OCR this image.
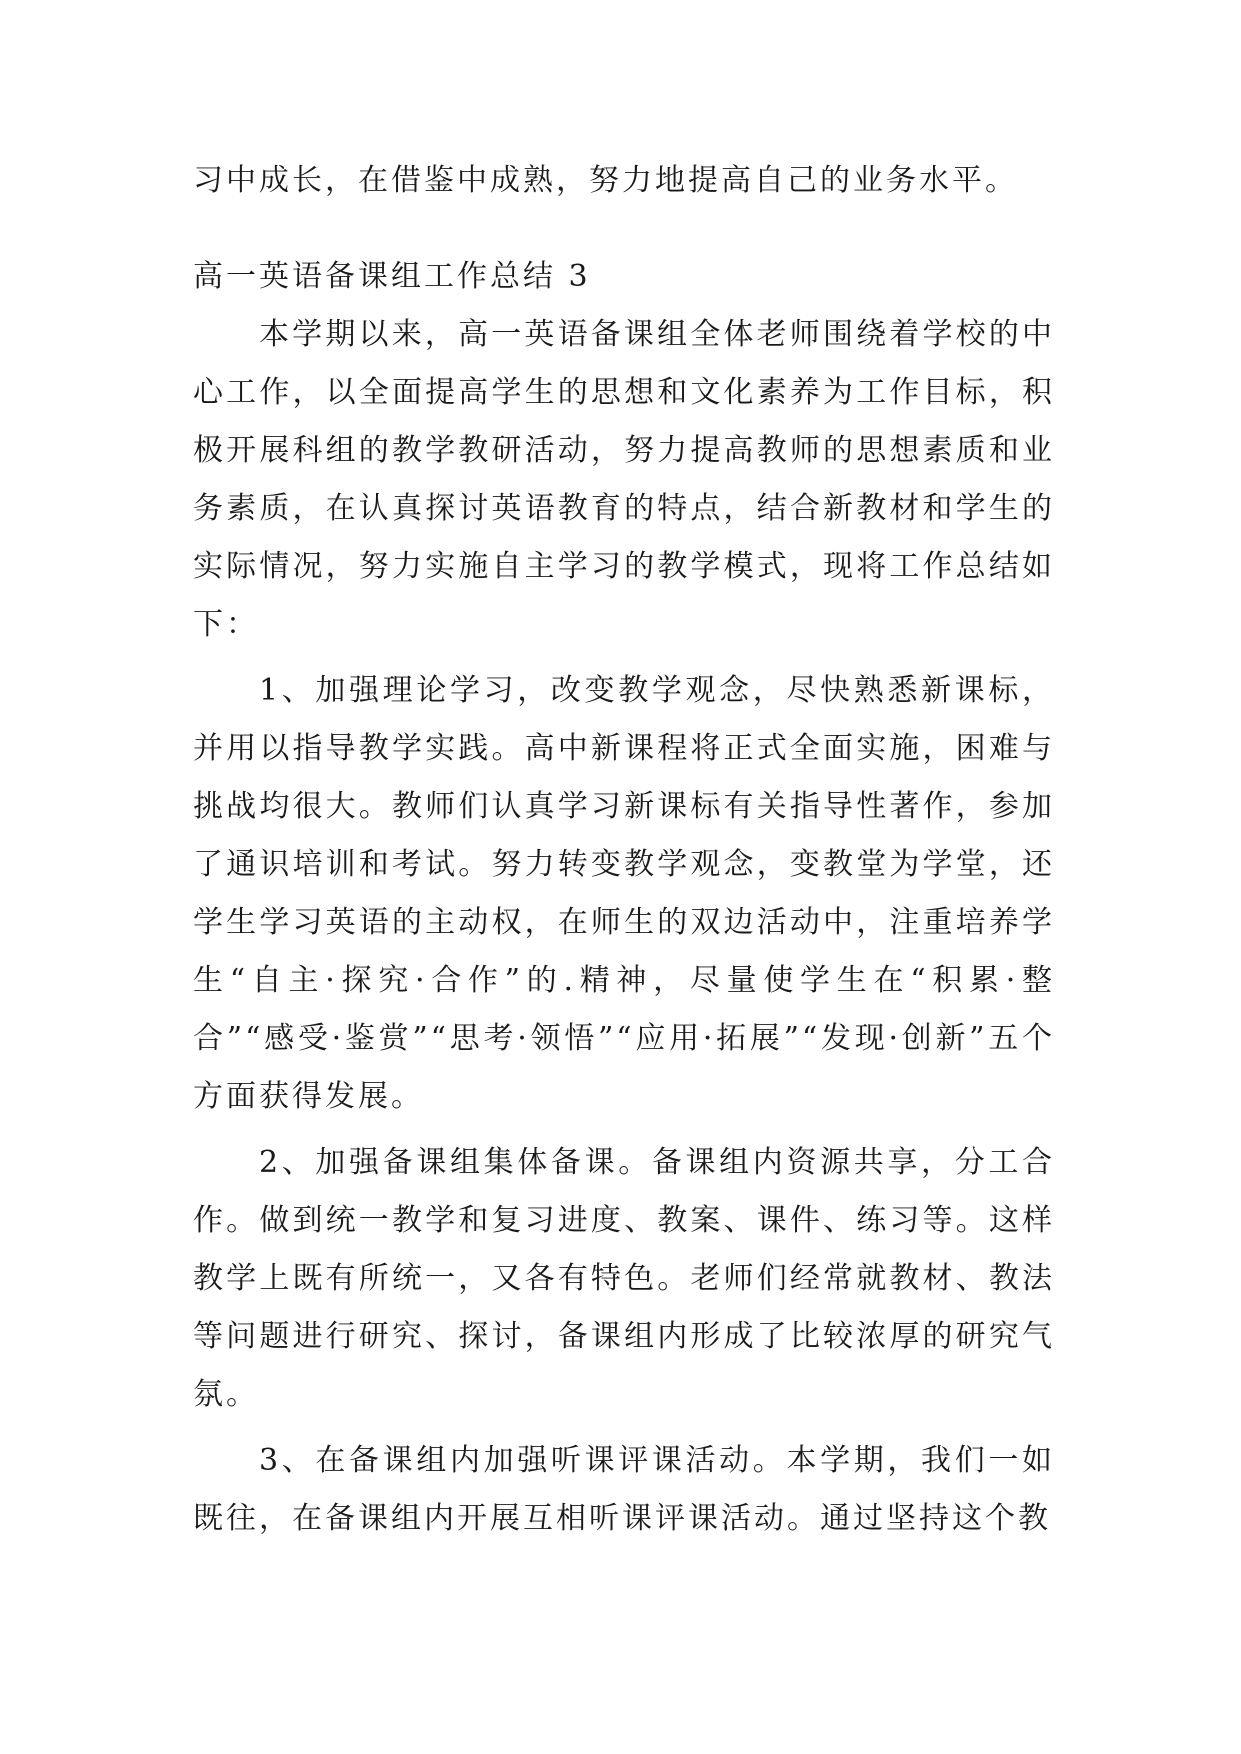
习中成长，在借鉴中成熟，努力地提高自己的业务水平。

高一英语备课组工作总结 3

本学期以来，高一英语备课组全体老师围绕着学校的中心工作，以全面提高学生的思想和文化素养为工作目标，积极开展科组的教学教研活动，努力提高教师的思想素质和业务素质，在认真探讨英语教育的特点，结合新教材和学生的实际情况，努力实施自主学习的教学模式，现将工作总结如下：

1、加强理论学习，改变教学观念，尽快熟悉新课标，并用以指导教学实践。高中新课程将正式全面实施，困难与挑战均很大。教师们认真学习新课标有关指导性著作，参加了通识培训和考试。努力转变教学观念，变教堂为学堂，还学生学习英语的主动权，在师生的双边活动中，注重培养学生“自主·探究·合作”的.精神，尽量使学生在“积累·整合”“感受·鉴赏”“思考·领悟”“应用·拓展”“发现·创新”五个方面获得发展。

2、加强备课组集体备课。备课组内资源共享，分工合作。做到统一教学和复习进度、教案、课件、练习等。这样教学上既有所统一，又各有特色。老师们经常就教材、教法等问题进行研究、探讨，备课组内形成了比较浓厚的研究气氛。

3、在备课组内加强听课评课活动。本学期，我们一如既往，在备课组内开展互相听课评课活动。通过坚持这个教
